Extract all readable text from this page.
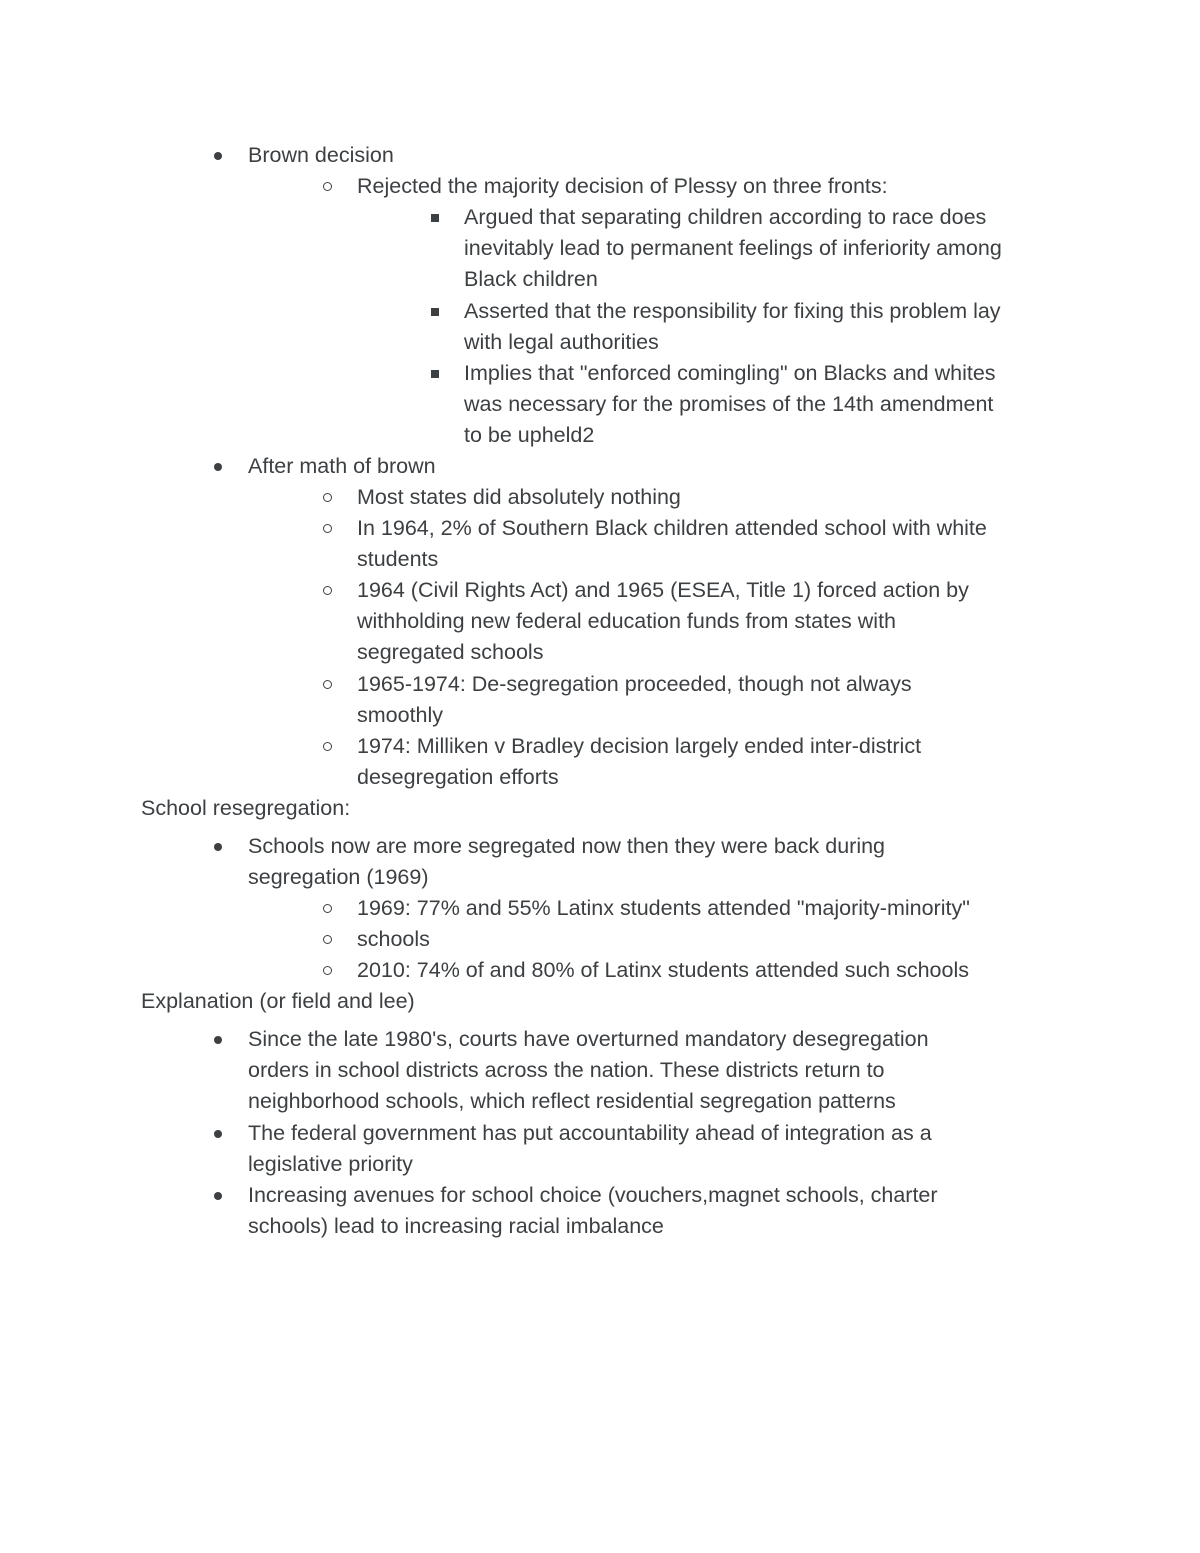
Brown decision
Rejected the majority decision of Plessy on three fronts:
Argued that separating children according to race does
inevitably lead to permanent feelings of inferiority among
Black children
Asserted that the responsibility for fixing this problem lay
with legal authorities
Implies that "enforced comingling" on Blacks and whites
was necessary for the promises of the 14th amendment
to be upheld2
After math of brown
Most states did absolutely nothing
In 1964, 2% of Southern Black children attended school with white
students
1964 (Civil Rights Act) and 1965 (ESEA, Title 1) forced action by
withholding new federal education funds from states with
segregated schools
1965-1974: De-segregation proceeded, though not always
smoothly
1974: Milliken v Bradley decision largely ended inter-district
desegregation efforts
School resegregation:
Schools now are more segregated now then they were back during
segregation (1969)
1969: 77% and 55% Latinx students attended "majority-minority"
schools
2010: 74% of and 80% of Latinx students attended such schools
Explanation (or field and lee)
Since the late 1980's, courts have overturned mandatory desegregation
orders in school districts across the nation. These districts return to
neighborhood schools, which reflect residential segregation patterns
The federal government has put accountability ahead of integration as a
legislative priority
Increasing avenues for school choice (vouchers,magnet schools, charter
schools) lead to increasing racial imbalance
